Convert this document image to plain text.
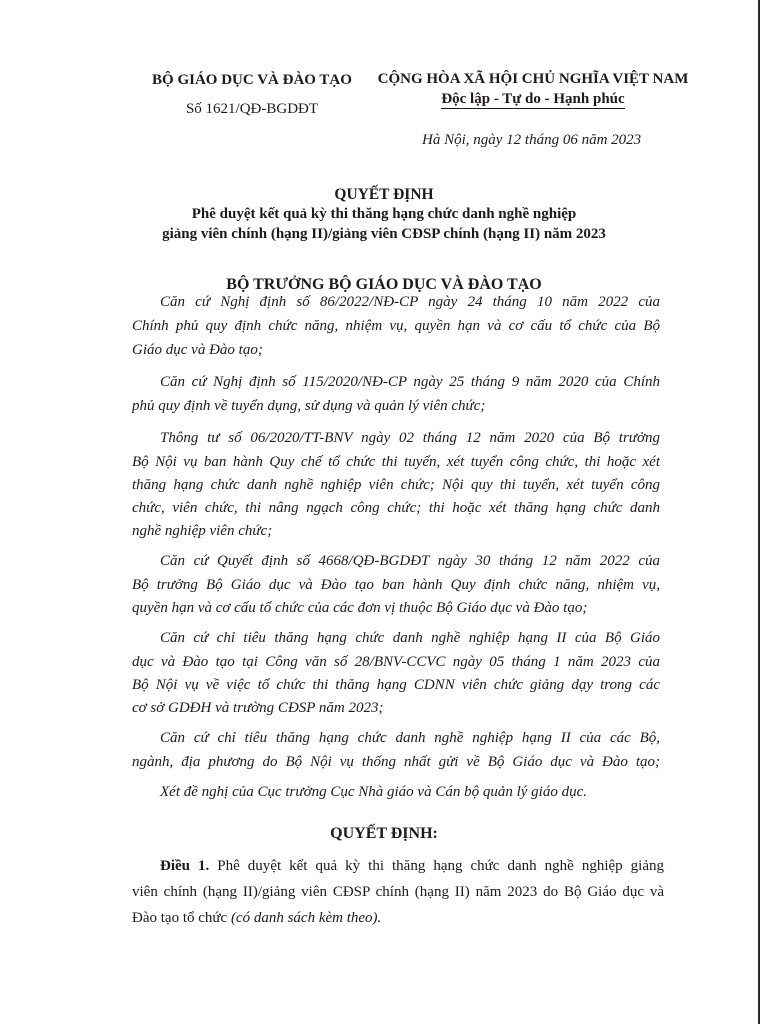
BỘ GIÁO DỤC VÀ ĐÀO TẠO
Số 1621/QĐ-BGDĐT
CỘNG HÒA XÃ HỘI CHỦ NGHĨA VIỆT NAM
Độc lập - Tự do - Hạnh phúc
Hà Nội, ngày 12 tháng 06 năm 2023
QUYẾT ĐỊNH
Phê duyệt kết quả kỳ thi thăng hạng chức danh nghề nghiệp
giảng viên chính (hạng II)/giảng viên CĐSP chính (hạng II) năm 2023
BỘ TRƯỞNG BỘ GIÁO DỤC VÀ ĐÀO TẠO
Căn cứ Nghị định số 86/2022/NĐ-CP ngày 24 tháng 10 năm 2022 của
Chính phủ quy định chức năng, nhiệm vụ, quyền hạn và cơ cấu tổ chức của Bộ
Giáo dục và Đào tạo;
Căn cứ Nghị định số 115/2020/NĐ-CP ngày 25 tháng 9 năm 2020 của Chính
phủ quy định về tuyển dụng, sử dụng và quản lý viên chức;
Thông tư số 06/2020/TT-BNV ngày 02 tháng 12 năm 2020 của Bộ trưởng
Bộ Nội vụ ban hành Quy chế tổ chức thi tuyển, xét tuyển công chức, thi hoặc xét
thăng hạng chức danh nghề nghiệp viên chức; Nội quy thi tuyển, xét tuyển công
chức, viên chức, thi nâng ngạch công chức; thi hoặc xét thăng hạng chức danh
nghề nghiệp viên chức;
Căn cứ Quyết định số 4668/QĐ-BGDĐT ngày 30 tháng 12 năm 2022 của
Bộ trưởng Bộ Giáo dục và Đào tạo ban hành Quy định chức năng, nhiệm vụ,
quyền hạn và cơ cấu tổ chức của các đơn vị thuộc Bộ Giáo dục và Đào tạo;
Căn cứ chỉ tiêu thăng hạng chức danh nghề nghiệp hạng II của Bộ Giáo
dục và Đào tạo tại Công văn số 28/BNV-CCVC ngày 05 tháng 1 năm 2023 của
Bộ Nội vụ về việc tổ chức thi thăng hạng CDNN viên chức giảng dạy trong các
cơ sở GDĐH và trường CĐSP năm 2023;
Căn cứ chỉ tiêu thăng hạng chức danh nghề nghiệp hạng II của các Bộ,
ngành, địa phương do Bộ Nội vụ thống nhất gửi về Bộ Giáo dục và Đào tạo;
Xét đề nghị của Cục trưởng Cục Nhà giáo và Cán bộ quản lý giáo dục.
QUYẾT ĐỊNH:
Điều 1. Phê duyệt kết quả kỳ thi thăng hạng chức danh nghề nghiệp giảng
viên chính (hạng II)/giảng viên CĐSP chính (hạng II) năm 2023 do Bộ Giáo dục và
Đào tạo tổ chức (có danh sách kèm theo).
